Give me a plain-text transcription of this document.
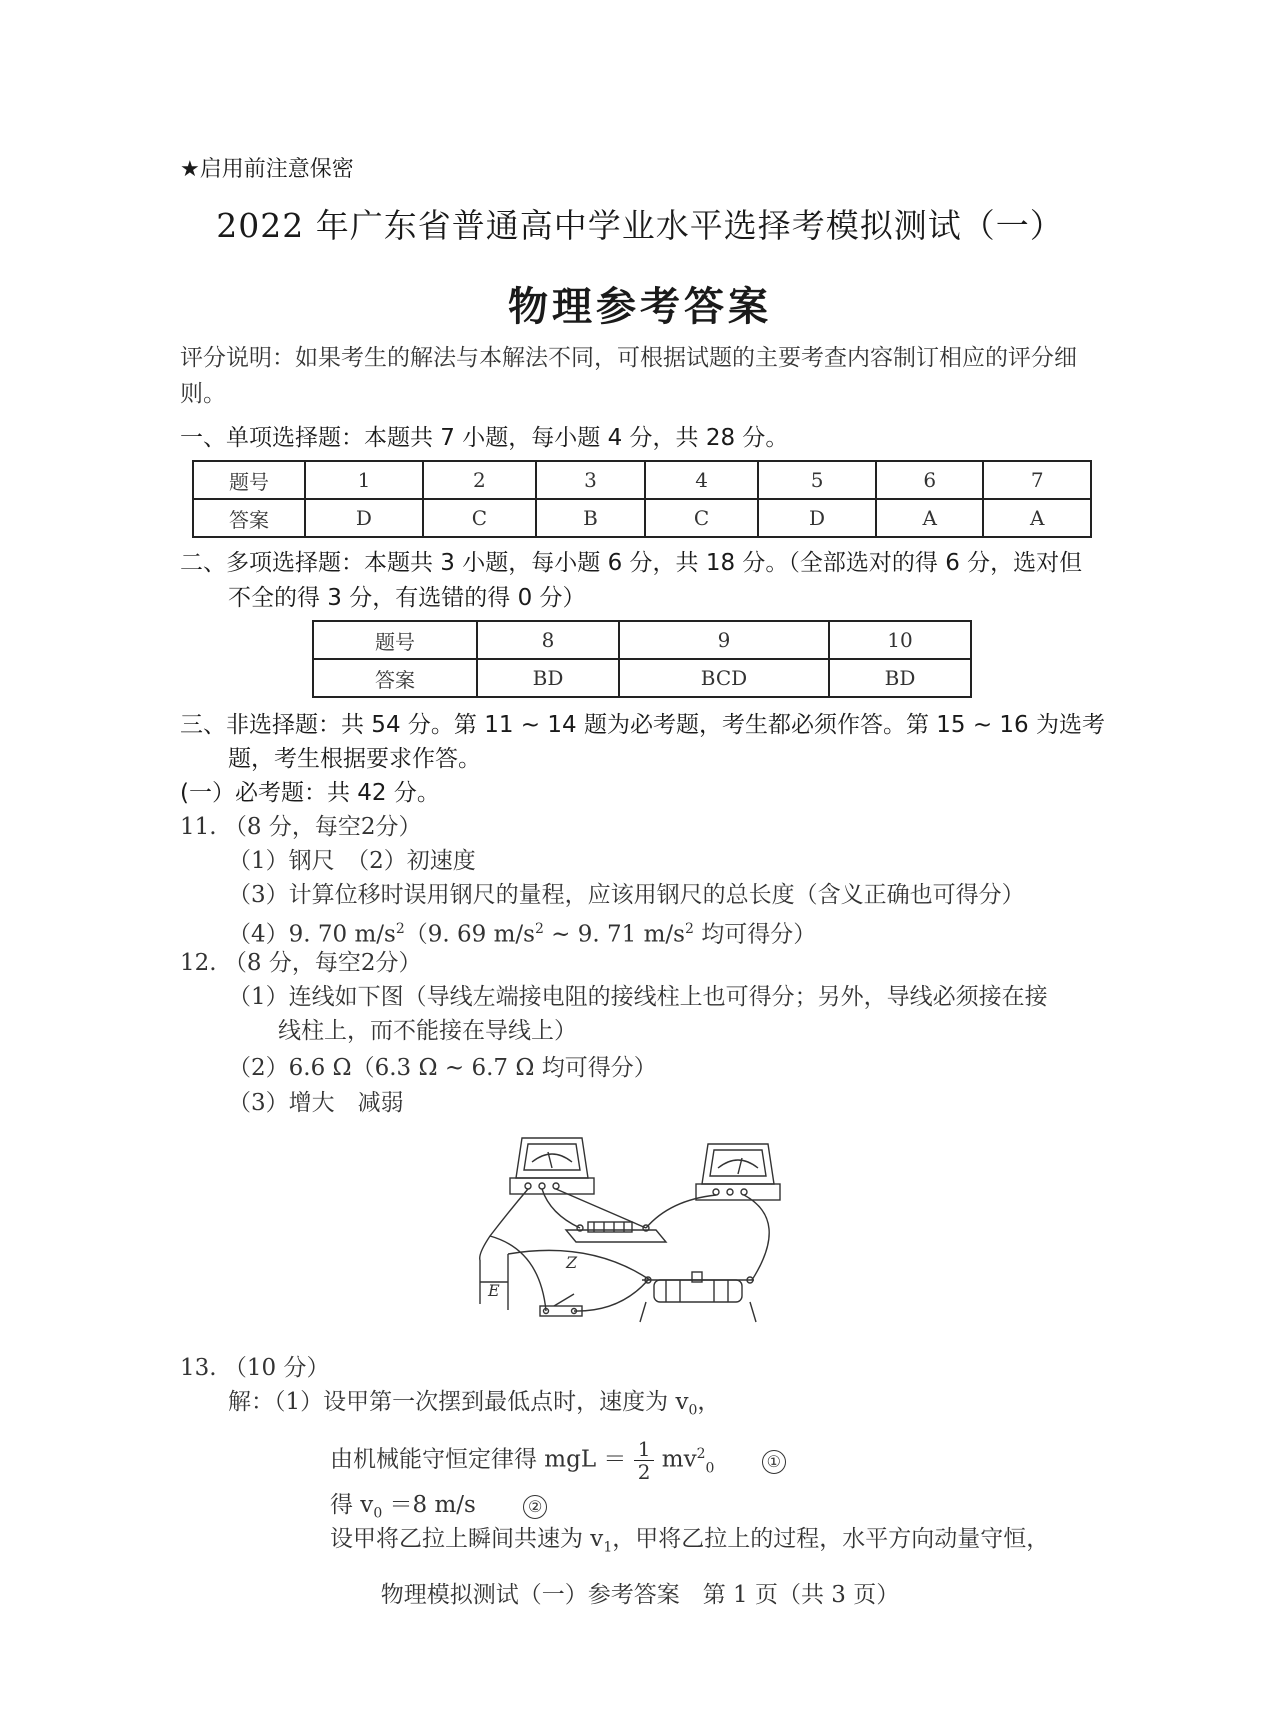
★启用前注意保密
2022 年广东省普通高中学业水平选择考模拟测试（一）
物理参考答案
评分说明：如果考生的解法与本解法不同，可根据试题的主要考查内容制订相应的评分细则。
一、单项选择题：本题共 7 小题，每小题 4 分，共 28 分。
题号	1	2	3	4	5	6	7
答案	D	C	B	C	D	A	A
二、多项选择题：本题共 3 小题，每小题 6 分，共 18 分。（全部选对的得 6 分，选对但
不全的得 3 分，有选错的得 0 分）
题号	8	9	10
答案	BD	BCD	BD
三、非选择题：共 54 分。第 11 ~ 14 题为必考题，考生都必须作答。第 15 ~ 16 为选考
题，考生根据要求作答。
(一）必考题：共 42 分。
11. （8 分，每空2分）
（1）钢尺　（2）初速度
（3）计算位移时误用钢尺的量程，应该用钢尺的总长度（含义正确也可得分）
（4）9. 70 $m/s^2(9$. 69 $m/s^2$ ~ 9. 71 $m/s^2$ 均可得分）
12. （8 分，每空2分）
（1）连线如下图（导线左端接电阻的接线柱上也可得分；另外，导线必须接在接
线柱上，而不能接在导线上）
（2）6.6 Ω（6.3 Ω ~ 6.7 Ω 均可得分）
（3）增大　减弱
Z
E
13. （10 分）
解：（1）设甲第一次摆到最低点时，速度为 $v_0$，
由机械能守恒定律得 mgL ＝ $\frac{1}{2} mv^2_0$	①
得 $v_0 =8$ m/s	②
设甲将乙拉上瞬间共速为 $v_1$，甲将乙拉上的过程，水平方向动量守恒，
物理模拟测试（一）参考答案　第 1 页（共 3 页）
